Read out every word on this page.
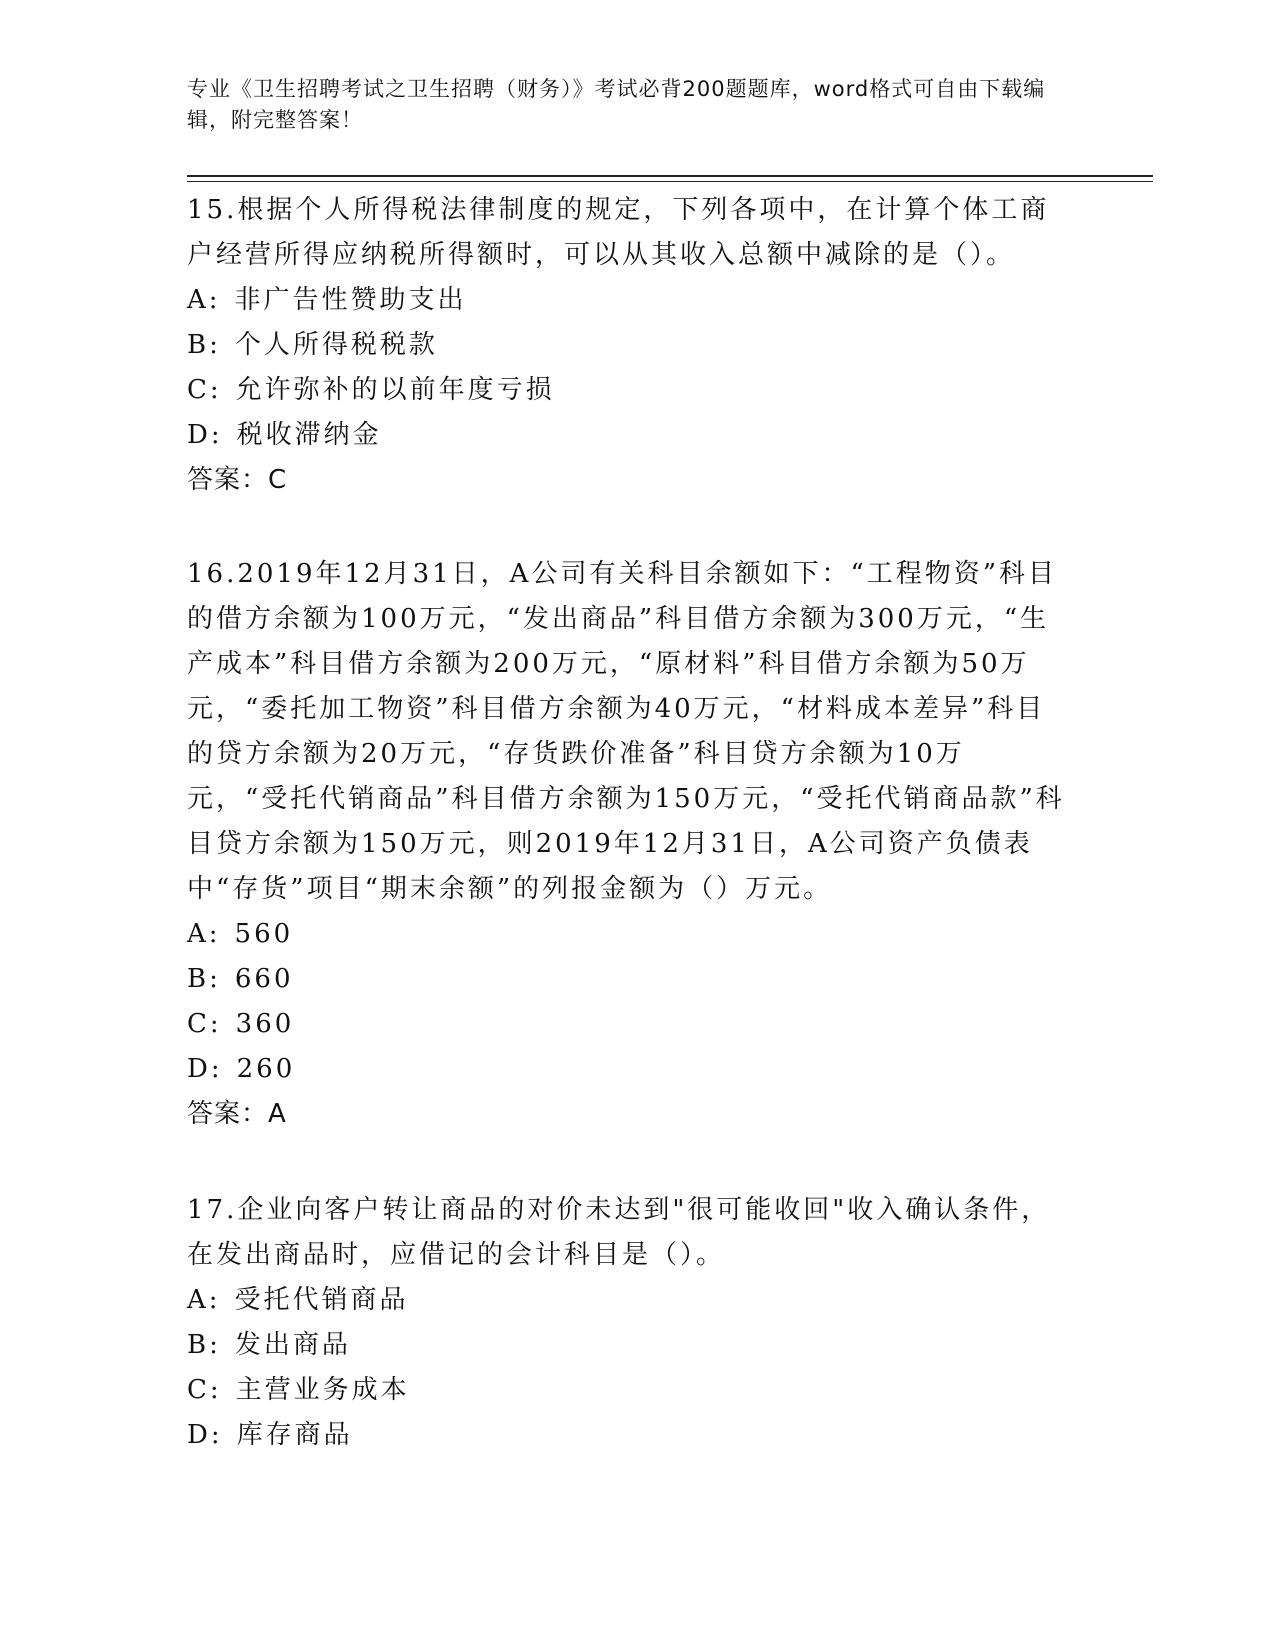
专业《卫生招聘考试之卫生招聘（财务）》考试必背200题题库，word格式可自由下载编辑，附完整答案！

15.根据个人所得税法律制度的规定，下列各项中，在计算个体工商户经营所得应纳税所得额时，可以从其收入总额中减除的是（）。

A: 非广告性赞助支出
B: 个人所得税税款
C: 允许弥补的以前年度亏损
D: 税收滞纳金

答案：C

16.2019年12月31日，A公司有关科目余额如下：“工程物资”科目的借方余额为100万元，“发出商品”科目借方余额为300万元，“生产成本”科目借方余额为200万元，“原材料”科目借方余额为50万元，“委托加工物资”科目借方余额为40万元，“材料成本差异”科目的贷方余额为20万元，“存货跌价准备”科目贷方余额为10万元，“受托代销商品”科目借方余额为150万元，“受托代销商品款”科目贷方余额为150万元，则2019年12月31日，A公司资产负债表中“存货”项目“期末余额”的列报金额为（）万元。

A: 560
B: 660
C: 360
D: 260

答案：A

17.企业向客户转让商品的对价未达到"很可能收回"收入确认条件，在发出商品时，应借记的会计科目是（）。

A: 受托代销商品
B: 发出商品
C: 主营业务成本
D: 库存商品
